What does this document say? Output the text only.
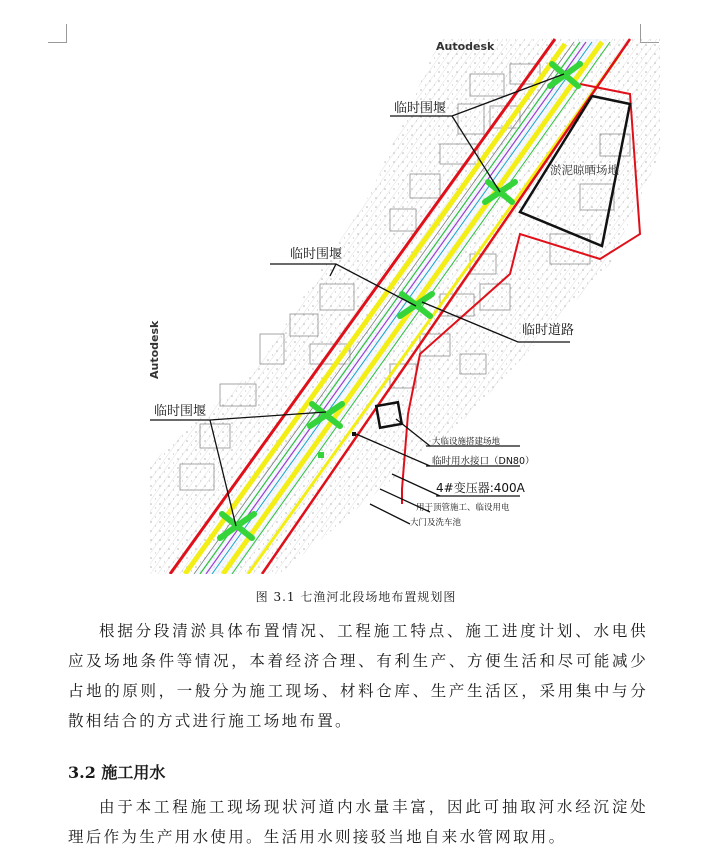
Autodesk
Autodesk
临时围堰
临时围堰
临时围堰
淤泥晾晒场地
临时道路
大临设施搭建场地
临时用水接口（DN80）
4#变压器:400A
用于顶管施工、临设用电
大门及洗车池
图 3.1 七渔河北段场地布置规划图

根据分段清淤具体布置情况、工程施工特点、施工进度计划、水电供应及场地条件等情况，本着经济合理、有利生产、方便生活和尽可能减少占地的原则，一般分为施工现场、材料仓库、生产生活区，采用集中与分散相结合的方式进行施工场地布置。

3.2 施工用水

由于本工程施工现场现状河道内水量丰富，因此可抽取河水经沉淀处理后作为生产用水使用。生活用水则接驳当地自来水管网取用。
